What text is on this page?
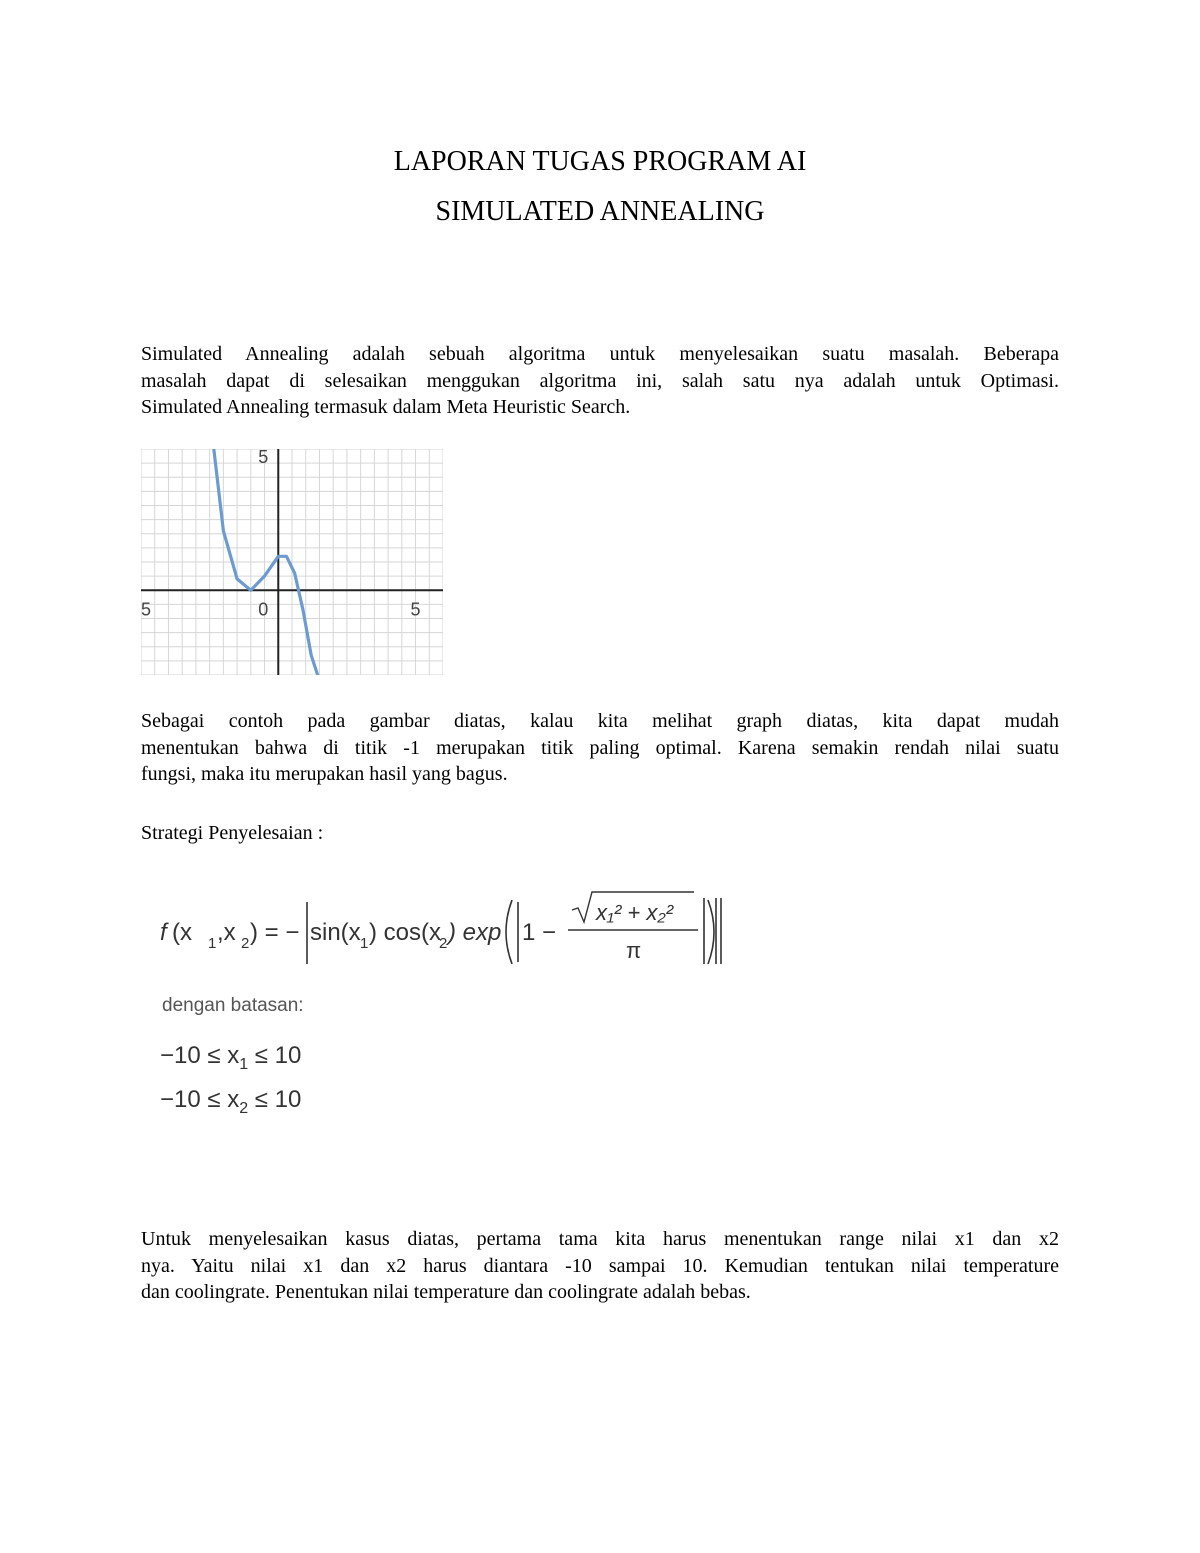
LAPORAN TUGAS PROGRAM AI
SIMULATED ANNEALING
Simulated Annealing adalah sebuah algoritma untuk menyelesaikan suatu masalah. Beberapa
masalah dapat di selesaikan menggukan algoritma ini, salah satu nya adalah untuk Optimasi.
Simulated Annealing termasuk dalam Meta Heuristic Search.
5	0	5
5
Sebagai contoh pada gambar diatas, kalau kita melihat graph diatas, kita dapat mudah
menentukan bahwa di titik -1 merupakan titik paling optimal. Karena semakin rendah nilai suatu
fungsi, maka itu merupakan hasil yang bagus.
Strategi Penyelesaian :
f (x 1 ,x 2 ) = − sin(x 1 ) cos(x
2 ) exp 1 −
x₁² + x₂²
π
dengan batasan:
$-10 \le x_1 \le 10$
$-10 \le x_2 \le 10$
Untuk menyelesaikan kasus diatas, pertama tama kita harus menentukan range nilai x1 dan x2
nya. Yaitu nilai x1 dan x2 harus diantara -10 sampai 10. Kemudian tentukan nilai temperature
dan coolingrate. Penentukan nilai temperature dan coolingrate adalah bebas.
